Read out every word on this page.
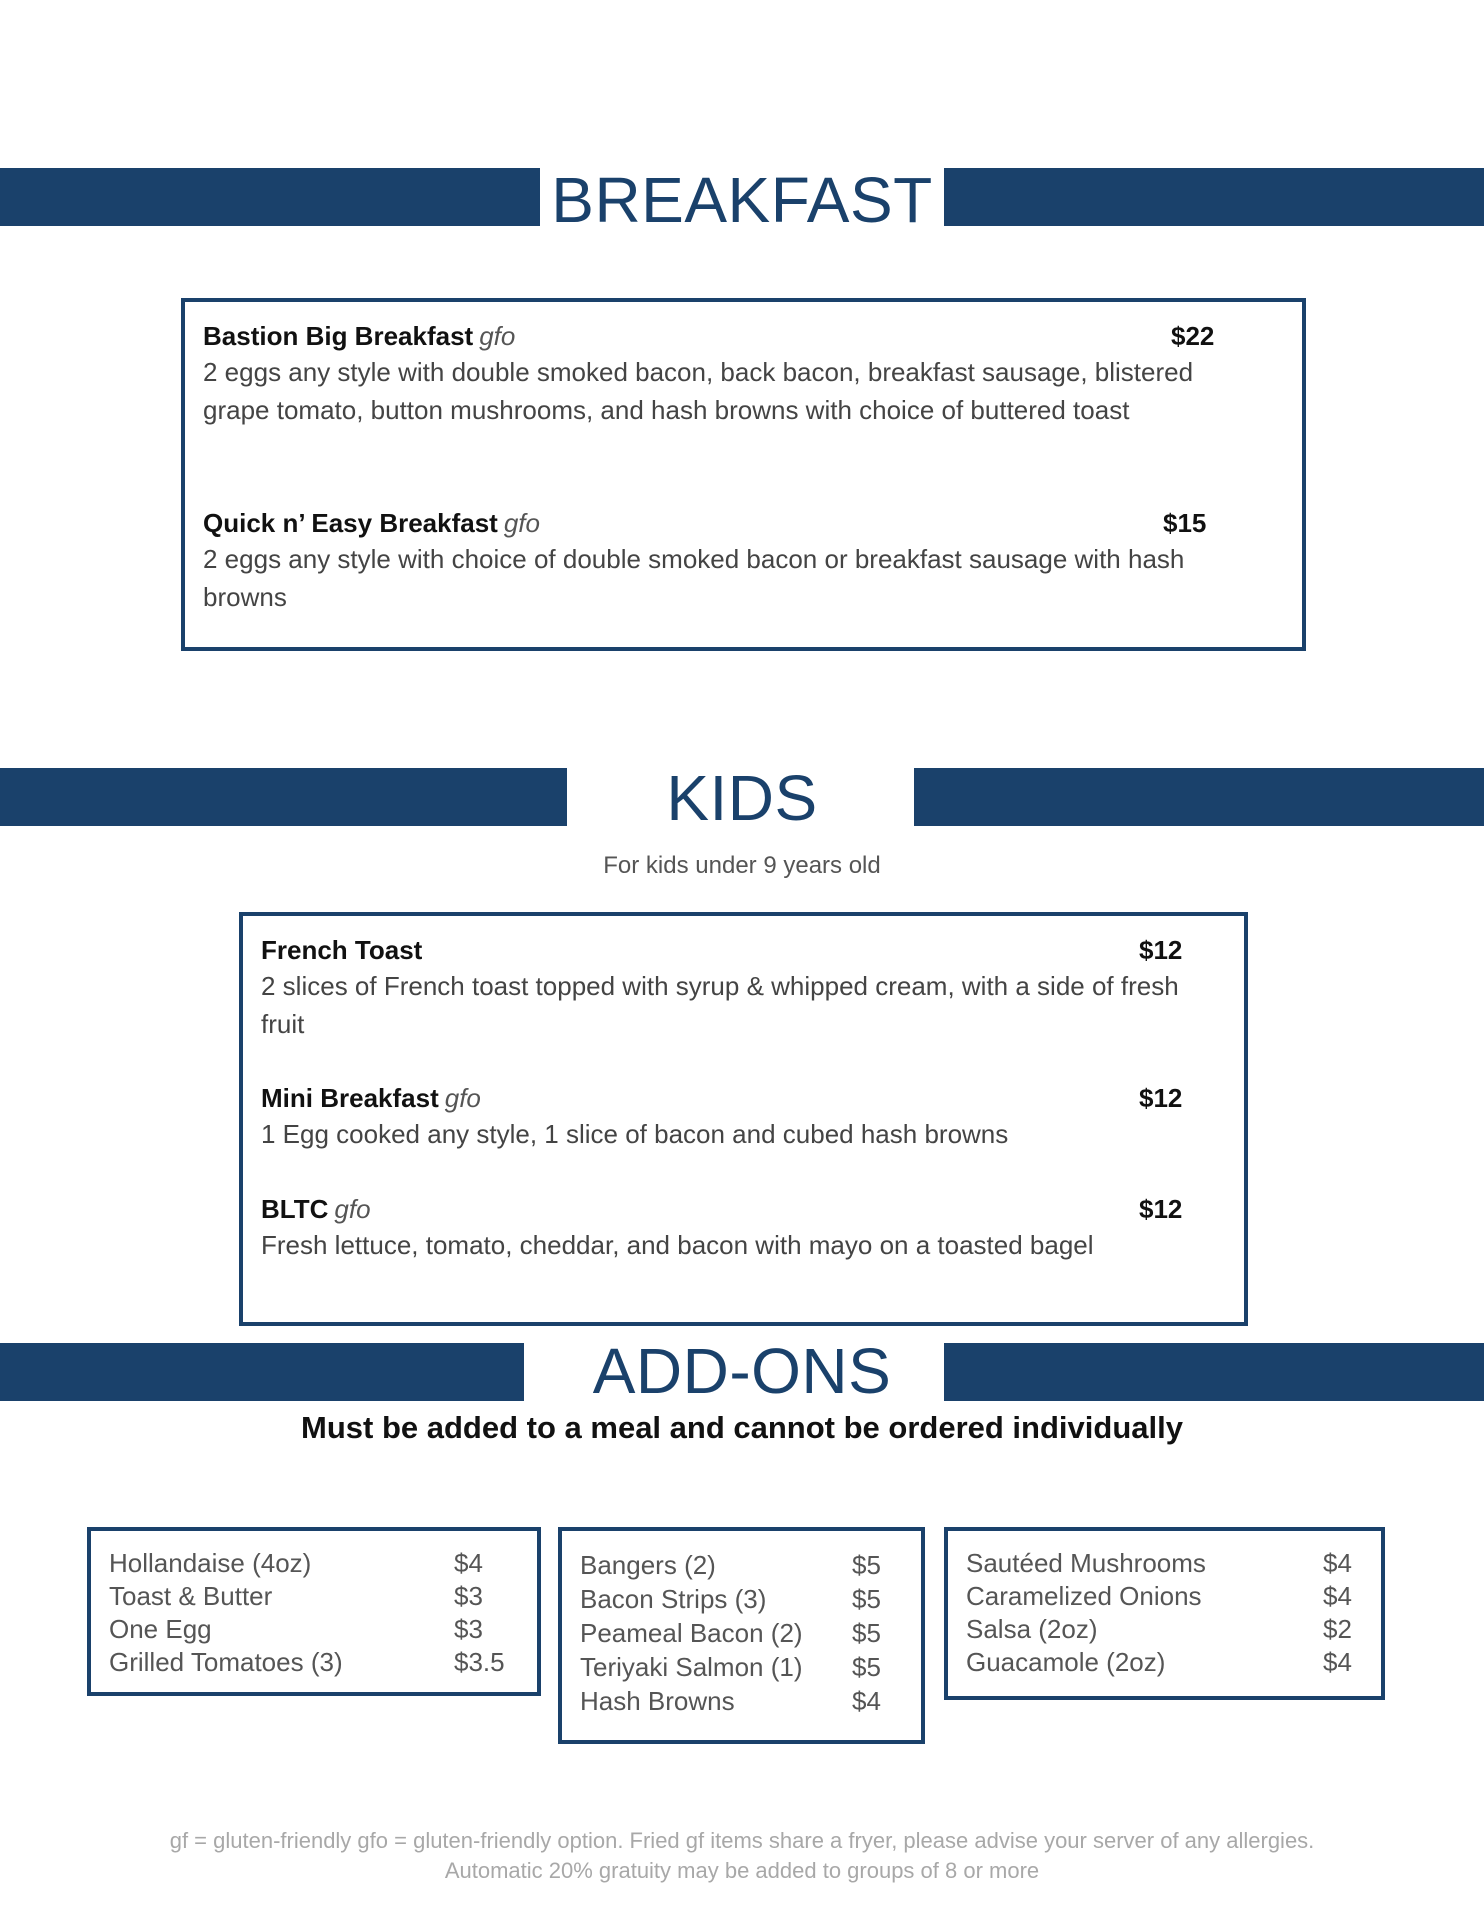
BREAKFAST
Bastion Big Breakfast gfo	$22
2 eggs any style with double smoked bacon, back bacon, breakfast sausage, blistered grape tomato, button mushrooms, and hash browns with choice of buttered toast
Quick n’ Easy Breakfast gfo	$15
2 eggs any style with choice of double smoked bacon or breakfast sausage with hash browns
KIDS
For kids under 9 years old
French Toast	$12
2 slices of French toast topped with syrup & whipped cream, with a side of fresh fruit
Mini Breakfast gfo	$12
1 Egg cooked any style, 1 slice of bacon and cubed hash browns
BLTC gfo	$12
Fresh lettuce, tomato, cheddar, and bacon with mayo on a toasted bagel
ADD-ONS
Must be added to a meal and cannot be ordered individually
Hollandaise (4oz)	$4
Toast & Butter	$3
One Egg	$3
Grilled Tomatoes (3)	$3.5
Bangers (2)	$5
Bacon Strips (3)	$5
Peameal Bacon (2) $5
Teriyaki Salmon (1) $5
Hash Browns	$4
Sautéed Mushrooms	$4
Caramelized Onions	$4
Salsa (2oz)	$2
Guacamole (2oz)	$4
gf = gluten-friendly gfo = gluten-friendly option. Fried gf items share a fryer, please advise your server of any allergies.
Automatic 20% gratuity may be added to groups of 8 or more
